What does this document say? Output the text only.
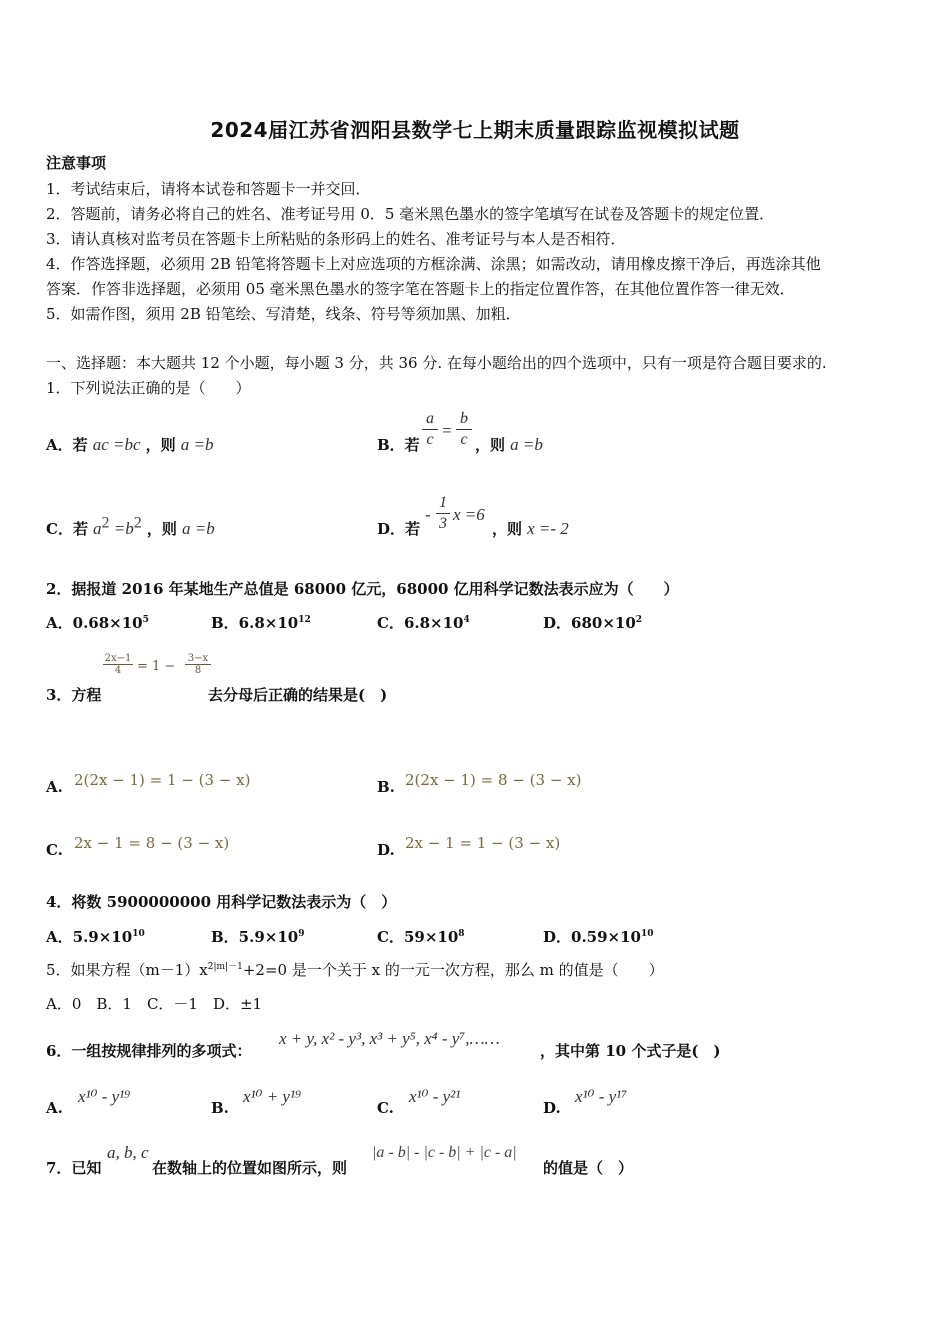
2024届江苏省泗阳县数学七上期末质量跟踪监视模拟试题
注意事项
1．考试结束后，请将本试卷和答题卡一并交回．
2．答题前，请务必将自己的姓名、准考证号用 0．5 毫米黑色墨水的签字笔填写在试卷及答题卡的规定位置．
3．请认真核对监考员在答题卡上所粘贴的条形码上的姓名、准考证号与本人是否相符．
4．作答选择题，必须用 2B 铅笔将答题卡上对应选项的方框涂满、涂黑；如需改动，请用橡皮擦干净后，再选涂其他
答案．作答非选择题，必须用 05 毫米黑色墨水的签字笔在答题卡上的指定位置作答，在其他位置作答一律无效．
5．如需作图，须用 2B 铅笔绘、写清楚，线条、符号等须加黑、加粗．
一、选择题：本大题共 12 个小题，每小题 3 分，共 36 分. 在每小题给出的四个选项中，只有一项是符合题目要求的.
1．下列说法正确的是（　　）
A．若 ac =bc ，则 a =b	B．若
a
c =
b
c ，则 a =b
C．若 $a^2 =b^2$ ，则 a =b	D．若
-
1
3 x =6
，则 x =- 2
2．据报道 2016 年某地生产总值是 68000 亿元，68000 亿用科学记数法表示应为（　　）
A．$0.68\times 10^5$	B．$6.8\times 10^{12}$	C．$6.8\times 10^4$	D．$680\times 10^2$
3．方程
2x−1
4	= 1 −
3−x
8
去分母后正确的结果是(　)
A. 2(2x − 1) = 1 − (3 − x)	B. 2(2x − 1) = 8 − (3 − x)
C. 2x − 1 = 8 − (3 − x)	D. 2x − 1 = 1 − (3 − x)
4．将数 5900000000 用科学记数法表示为（　）
A．$5.9\times 10^{10}$	B．$5.9\times 10^9$	C．$59\times 10^8$	D．$0.59\times 10^{10}$
5．如果方程$(m-1)x^{2|m|-1}+2=0$ 是一个关于 x 的一元一次方程，那么 m 的值是（　　）
A．0　B．1　C．－1　D．±1
6．一组按规律排列的多项式：
x + y, x² - y³, x³ + y⁵, x⁴ - y⁷,……
，其中第 10 个式子是(　)
A.
x¹⁰ - y¹⁹
B.
x¹⁰ + y¹⁹
C.
x¹⁰ - y²¹
D.
x¹⁰ - y¹⁷
7．已知
a, b, c
在数轴上的位置如图所示，则
|a - b| - |c - b| + |c - a|
的值是（　）
